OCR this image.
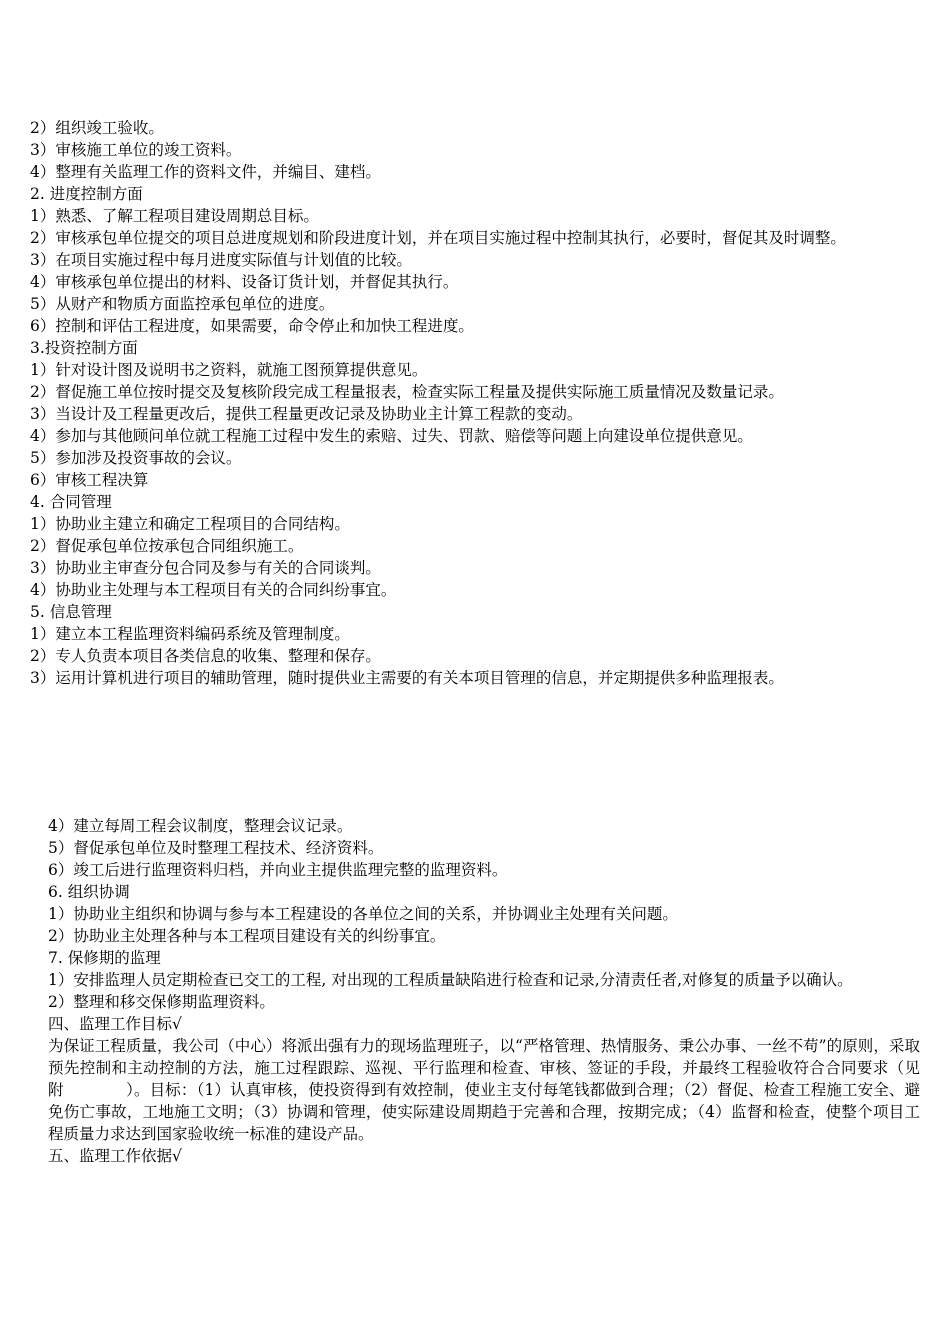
2）组织竣工验收。
3）审核施工单位的竣工资料。
4）整理有关监理工作的资料文件，并编目、建档。
2. 进度控制方面
1）熟悉、了解工程项目建设周期总目标。
2）审核承包单位提交的项目总进度规划和阶段进度计划，并在项目实施过程中控制其执行，必要时，督促其及时调整。
3）在项目实施过程中每月进度实际值与计划值的比较。
4）审核承包单位提出的材料、设备订货计划，并督促其执行。
5）从财产和物质方面监控承包单位的进度。
6）控制和评估工程进度，如果需要，命令停止和加快工程进度。
3.投资控制方面
1）针对设计图及说明书之资料，就施工图预算提供意见。
2）督促施工单位按时提交及复核阶段完成工程量报表，检查实际工程量及提供实际施工质量情况及数量记录。
3）当设计及工程量更改后，提供工程量更改记录及协助业主计算工程款的变动。
4）参加与其他顾问单位就工程施工过程中发生的索赔、过失、罚款、赔偿等问题上向建设单位提供意见。
5）参加涉及投资事故的会议。
6）审核工程决算
4. 合同管理
1）协助业主建立和确定工程项目的合同结构。
2）督促承包单位按承包合同组织施工。
3）协助业主审查分包合同及参与有关的合同谈判。
4）协助业主处理与本工程项目有关的合同纠纷事宜。
5. 信息管理
1）建立本工程监理资料编码系统及管理制度。
2）专人负责本项目各类信息的收集、整理和保存。
3）运用计算机进行项目的辅助管理，随时提供业主需要的有关本项目管理的信息，并定期提供多种监理报表。
4）建立每周工程会议制度，整理会议记录。
5）督促承包单位及时整理工程技术、经济资料。
6）竣工后进行监理资料归档，并向业主提供监理完整的监理资料。
6. 组织协调
1）协助业主组织和协调与参与本工程建设的各单位之间的关系，并协调业主处理有关问题。
2）协助业主处理各种与本工程项目建设有关的纠纷事宜。
7. 保修期的监理
1）安排监理人员定期检查已交工的工程, 对出现的工程质量缺陷进行检查和记录,分清责任者,对修复的质量予以确认。
2）整理和移交保修期监理资料。
四、监理工作目标√
为保证工程质量，我公司（中心）将派出强有力的现场监理班子，以“严格管理、热情服务、秉公办事、一丝不苟”的原则，采取预先控制和主动控制的方法，施工过程跟踪、巡视、平行监理和检查、审核、签证的手段，并最终工程验收符合合同要求（见附　　　　）。目标：（1）认真审核，使投资得到有效控制，使业主支付每笔钱都做到合理；（2）督促、检查工程施工安全、避免伤亡事故，工地施工文明；（3）协调和管理，使实际建设周期趋于完善和合理，按期完成；（4）监督和检查，使整个项目工程质量力求达到国家验收统一标准的建设产品。
五、监理工作依据√
